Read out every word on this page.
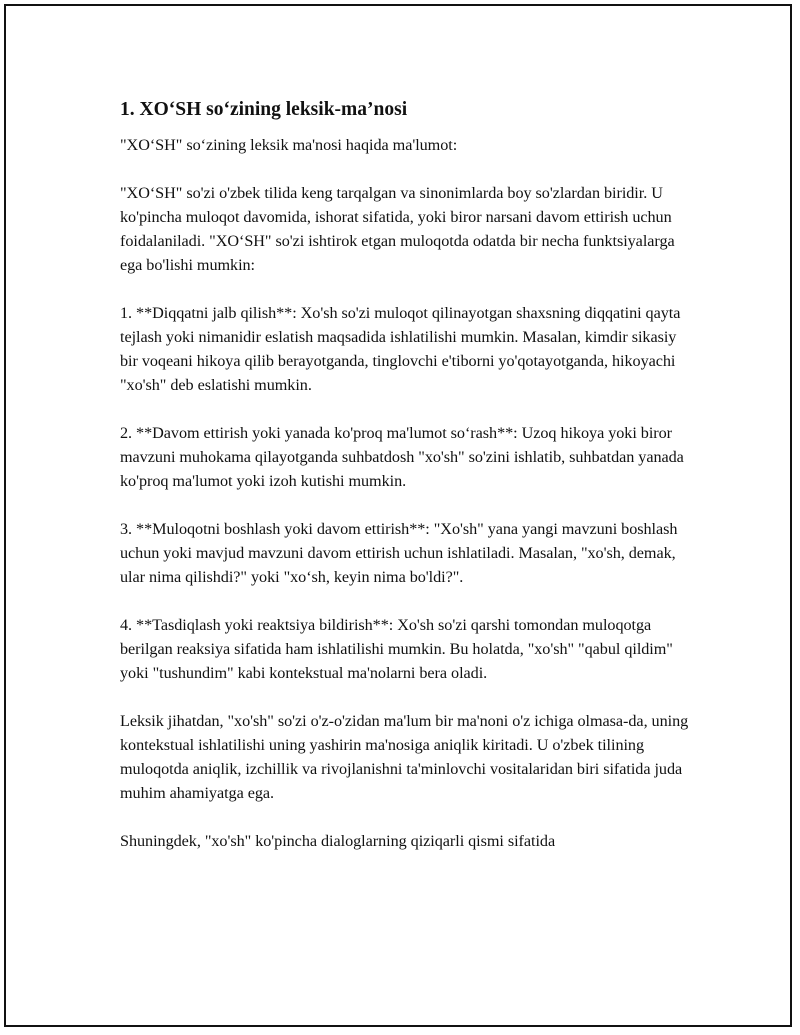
1. XO‘SH so‘zining leksik-ma’nosi

"XO‘SH" so‘zining leksik ma'nosi haqida ma'lumot:

"XO‘SH" so'zi o'zbek tilida keng tarqalgan va sinonimlarda boy so'zlardan biridir. U ko'pincha muloqot davomida, ishorat sifatida, yoki biror narsani davom ettirish uchun foidalaniladi. "XO‘SH" so'zi ishtirok etgan muloqotda odatda bir necha funktsiyalarga ega bo'lishi mumkin:

1. **Diqqatni jalb qilish**: Xo'sh so'zi muloqot qilinayotgan shaxsning diqqatini qayta tejlash yoki nimanidir eslatish maqsadida ishlatilishi mumkin. Masalan, kimdir sikasiy bir voqeani hikoya qilib berayotganda, tinglovchi e'tiborni yo'qotayotganda, hikoyachi "xo'sh" deb eslatishi mumkin.

2. **Davom ettirish yoki yanada ko'proq ma'lumot so‘rash**: Uzoq hikoya yoki biror mavzuni muhokama qilayotganda suhbatdosh "xo'sh" so'zini ishlatib, suhbatdan yanada ko'proq ma'lumot yoki izoh kutishi mumkin.

3. **Muloqotni boshlash yoki davom ettirish**: "Xo'sh" yana yangi mavzuni boshlash uchun yoki mavjud mavzuni davom ettirish uchun ishlatiladi. Masalan, "xo'sh, demak, ular nima qilishdi?" yoki "xo‘sh, keyin nima bo'ldi?".

4. **Tasdiqlash yoki reaktsiya bildirish**: Xo'sh so'zi qarshi tomondan muloqotga berilgan reaksiya sifatida ham ishlatilishi mumkin. Bu holatda, "xo'sh" "qabul qildim" yoki "tushundim" kabi kontekstual ma'nolarni bera oladi.

Leksik jihatdan, "xo'sh" so'zi o'z-o'zidan ma'lum bir ma'noni o'z ichiga olmasa-da, uning kontekstual ishlatilishi uning yashirin ma'nosiga aniqlik kiritadi. U o'zbek tilining muloqotda aniqlik, izchillik va rivojlanishni ta'minlovchi vositalaridan biri sifatida juda muhim ahamiyatga ega.

Shuningdek, "xo'sh" ko'pincha dialoglarning qiziqarli qismi sifatida
